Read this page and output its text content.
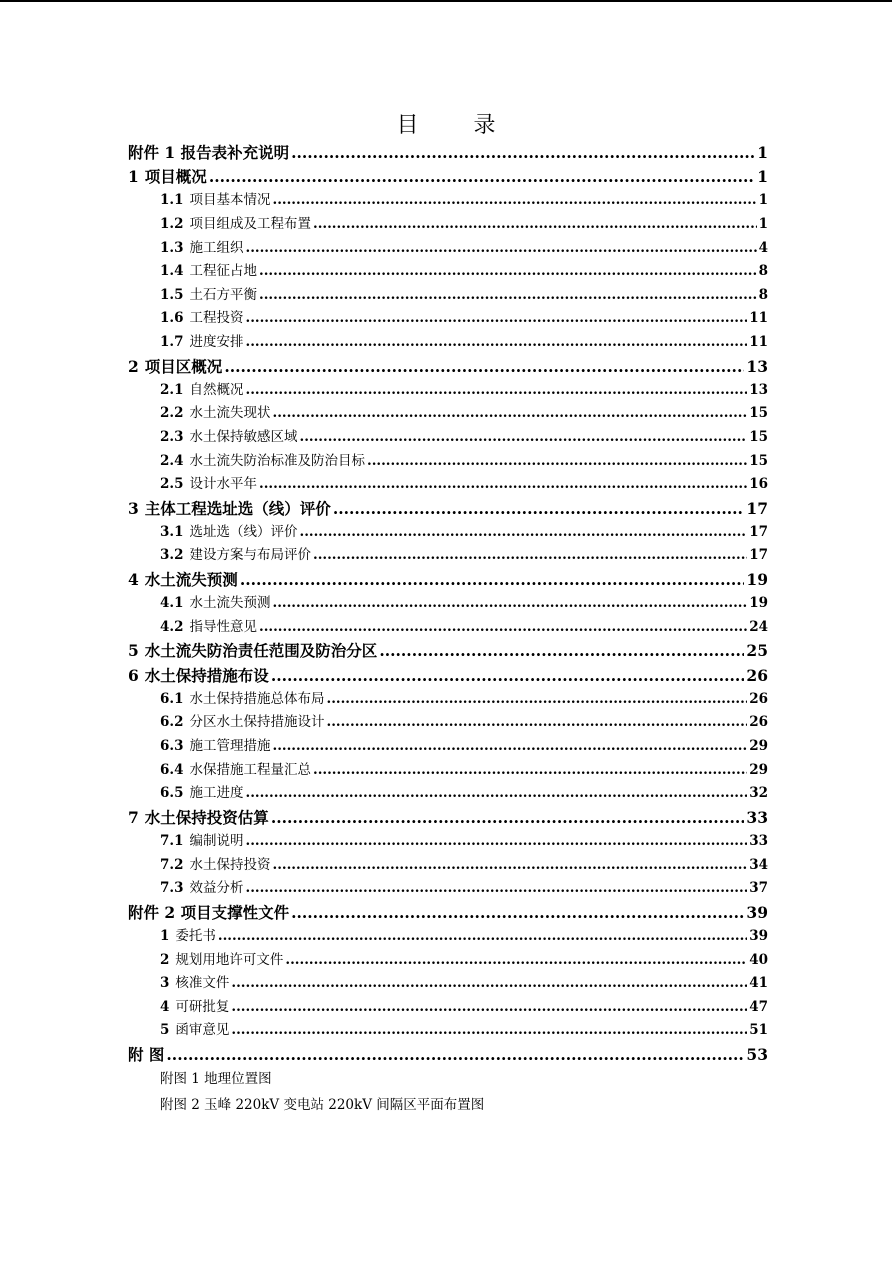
目 录
附件 1 报告表补充说明 .....	1
1 项目概况 .....	1
1.1 项目基本情况 .....	1
1.2 项目组成及工程布置 .....	1
1.3 施工组织 .....	4
1.4 工程征占地 .....	8
1.5 土石方平衡 .....	8
1.6 工程投资 .....	11
1.7 进度安排 .....	11
2 项目区概况 .....	13
2.1 自然概况 .....	13
2.2 水土流失现状 .....	15
2.3 水土保持敏感区域 .....	15
2.4 水土流失防治标准及防治目标 .....	15
2.5 设计水平年 .....	16
3 主体工程选址选（线）评价 .....	17
3.1 选址选（线）评价 .....	17
3.2 建设方案与布局评价 .....	17
4 水土流失预测 .....	19
4.1 水土流失预测 .....	19
4.2 指导性意见 .....	24
5 水土流失防治责任范围及防治分区 .....	25
6 水土保持措施布设 .....	26
6.1 水土保持措施总体布局 .....	26
6.2 分区水土保持措施设计 .....	26
6.3 施工管理措施 .....	29
6.4 水保措施工程量汇总 .....	29
6.5 施工进度 .....	32
7 水土保持投资估算 .....	33
7.1 编制说明 .....	33
7.2 水土保持投资 .....	34
7.3 效益分析 .....	37
附件 2 项目支撑性文件 .....	39
1 委托书 .....	39
2 规划用地许可文件 .....	40
3 核准文件 .....	41
4 可研批复 .....	47
5 函审意见 .....	51
附 图 .....	53
附图 1 地理位置图
附图 2 玉峰 220kV 变电站 220kV 间隔区平面布置图
